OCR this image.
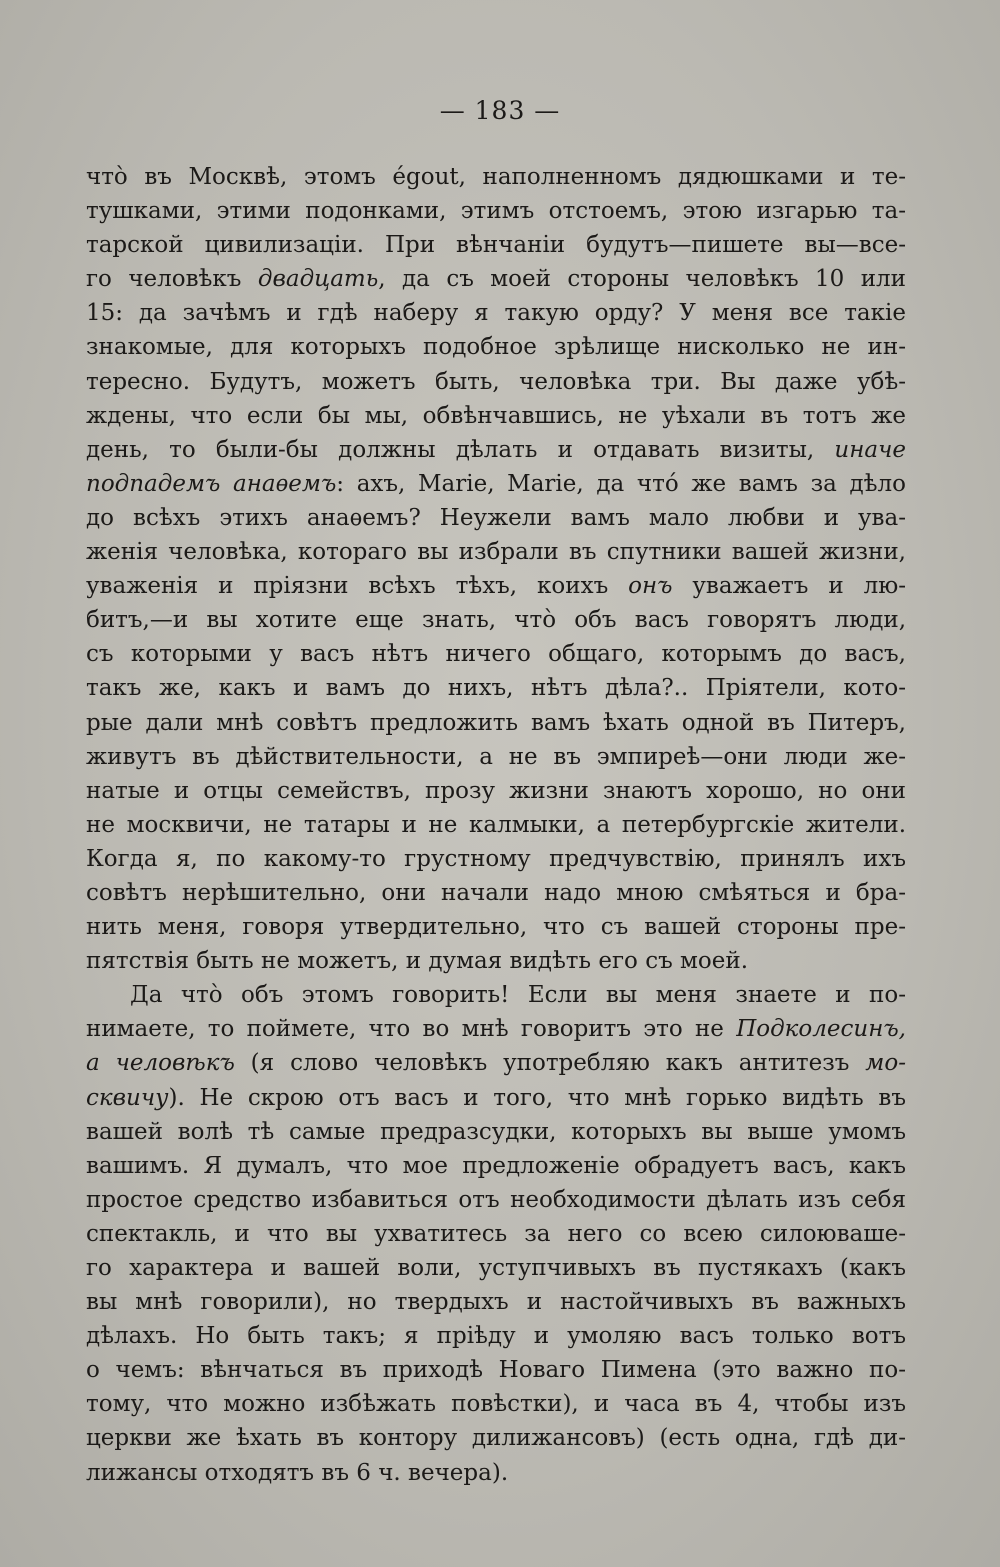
— 183 —
что̀ въ Москвѣ, этомъ égout, наполненномъ дядюшками и те-
тушками, этими подонками, этимъ отстоемъ, этою изгарью та-
тарской цивилизаціи. При вѣнчаніи будутъ—пишете вы—все-
го человѣкъ двадцать, да съ моей стороны человѣкъ 10 или
15: да зачѣмъ и гдѣ наберу я такую орду? У меня все такіе
знакомые, для которыхъ подобное зрѣлище нисколько не ин-
тересно. Будутъ, можетъ быть, человѣка три. Вы даже убѣ-
ждены, что если бы мы, обвѣнчавшись, не уѣхали въ тотъ же
день, то были-бы должны дѣлать и отдавать визиты, иначе
подпадемъ анаѳемъ: ахъ, Marie, Marie, да что́ же вамъ за дѣло
до всѣхъ этихъ анаѳемъ? Неужели вамъ мало любви и ува-
женія человѣка, котораго вы избрали въ спутники вашей жизни,
уваженія и пріязни всѣхъ тѣхъ, коихъ онъ уважаетъ и лю-
битъ,—и вы хотите еще знать, что̀ объ васъ говорятъ люди,
съ которыми у васъ нѣтъ ничего общаго, которымъ до васъ,
такъ же, какъ и вамъ до нихъ, нѣтъ дѣла?.. Пріятели, кото-
рые дали мнѣ совѣтъ предложить вамъ ѣхать одной въ Питеръ,
живутъ въ дѣйствительности, а не въ эмпиреѣ—они люди же-
натые и отцы семействъ, прозу жизни знаютъ хорошо, но они
не москвичи, не татары и не калмыки, а петербургскіе жители.
Когда я, по какому-то грустному предчувствію, принялъ ихъ
совѣтъ нерѣшительно, они начали надо мною смѣяться и бра-
нить меня, говоря утвердительно, что съ вашей стороны пре-
пятствія быть не можетъ, и думая видѣть его съ моей.
Да что̀ объ этомъ говорить! Если вы меня знаете и по-
нимаете, то поймете, что во мнѣ говоритъ это не Подколесинъ,
а человѣкъ (я слово человѣкъ употребляю какъ антитезъ мо-
сквичу). Не скрою отъ васъ и того, что мнѣ горько видѣть въ
вашей волѣ тѣ самые предразсудки, которыхъ вы выше умомъ
вашимъ. Я думалъ, что мое предложеніе обрадуетъ васъ, какъ
простое средство избавиться отъ необходимости дѣлать изъ себя
спектакль, и что вы ухватитесь за него со всею силоюваше-
го характера и вашей воли, уступчивыхъ въ пустякахъ (какъ
вы мнѣ говорили), но твердыхъ и настойчивыхъ въ важныхъ
дѣлахъ. Но быть такъ; я пріѣду и умоляю васъ только вотъ
о чемъ: вѣнчаться въ приходѣ Новаго Пимена (это важно по-
тому, что можно избѣжать повѣстки), и часа въ 4, чтобы изъ
церкви же ѣхать въ контору дилижансовъ) (есть одна, гдѣ ди-
лижансы отходятъ въ 6 ч. вечера).
